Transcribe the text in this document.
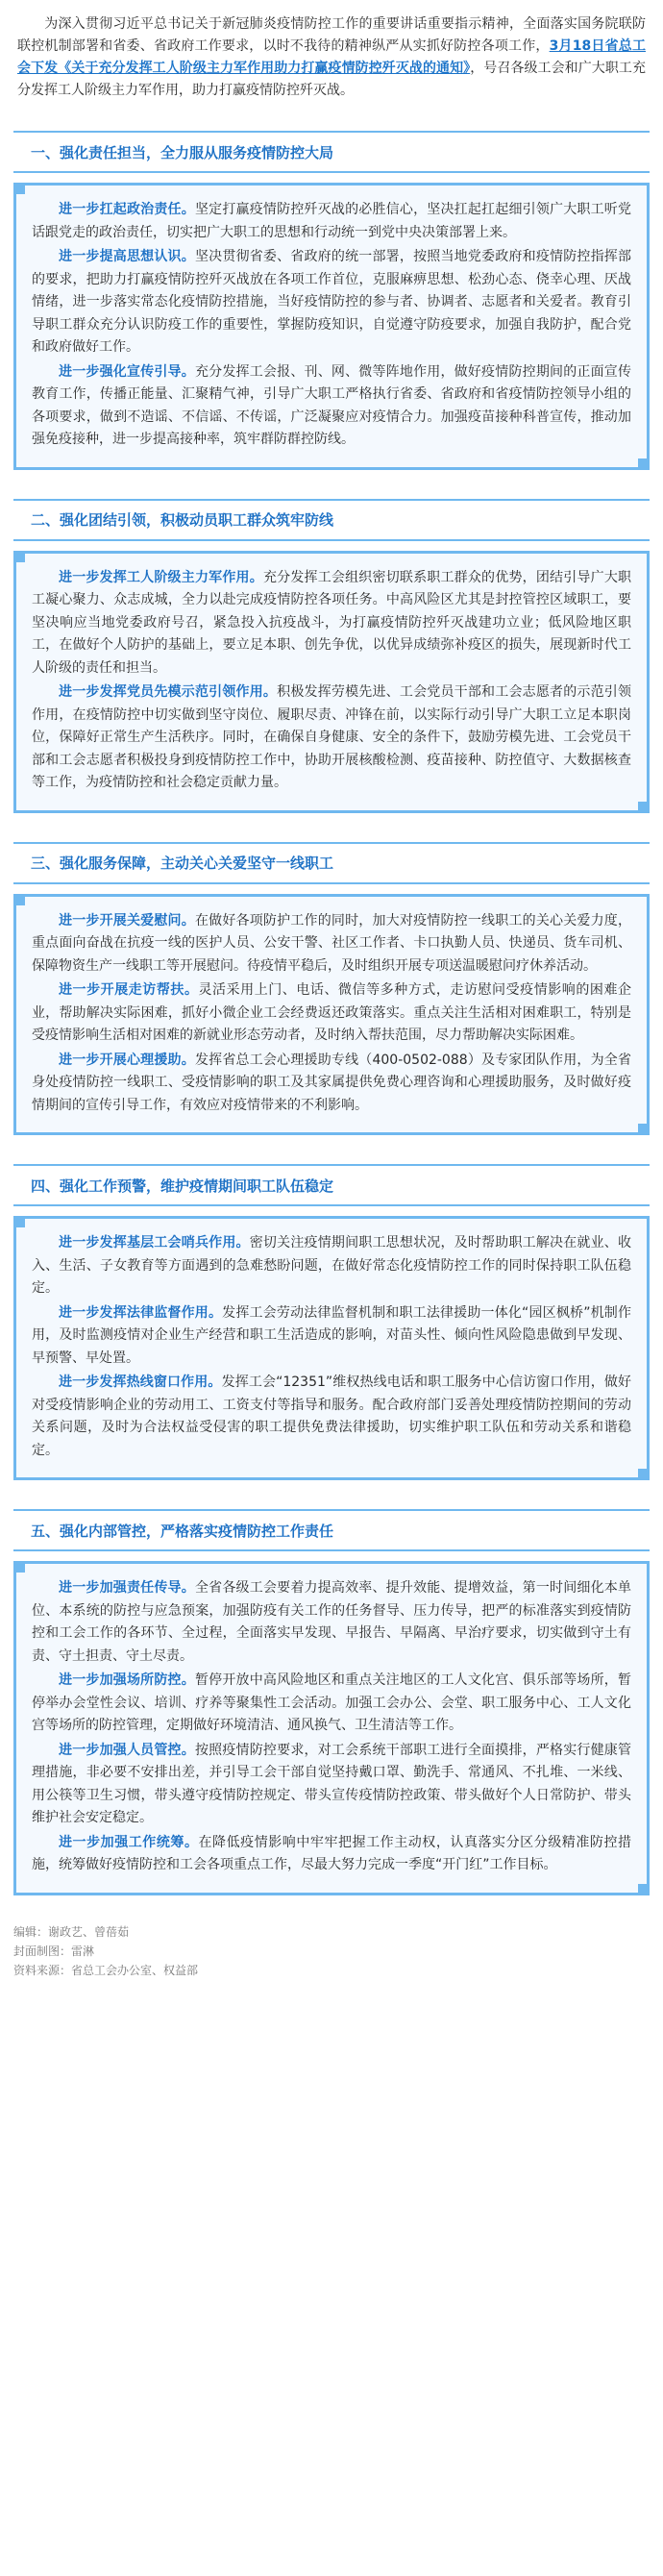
为深入贯彻习近平总书记关于新冠肺炎疫情防控工作的重要讲话重要指示精神，全面落实国务院联防联控机制部署和省委、省政府工作要求，以时不我待的精神纵严从实抓好防控各项工作，3月18日省总工会下发《关于充分发挥工人阶级主力军作用助力打赢疫情防控歼灭战的通知》，号召各级工会和广大职工充分发挥工人阶级主力军作用，助力打赢疫情防控歼灭战。

一、强化责任担当，全力服从服务疫情防控大局

进一步扛起政治责任。坚定打赢疫情防控歼灭战的必胜信心，坚决扛起扛起细引领广大职工听党话跟党走的政治责任，切实把广大职工的思想和行动统一到党中央决策部署上来。

进一步提高思想认识。坚决贯彻省委、省政府的统一部署，按照当地党委政府和疫情防控指挥部的要求，把助力打赢疫情防控歼灭战放在各项工作首位，克服麻痹思想、松劲心态、侥幸心理、厌战情绪，进一步落实常态化疫情防控措施，当好疫情防控的参与者、协调者、志愿者和关爱者。教育引导职工群众充分认识防疫工作的重要性，掌握防疫知识，自觉遵守防疫要求，加强自我防护，配合党和政府做好工作。

进一步强化宣传引导。充分发挥工会报、刊、网、微等阵地作用，做好疫情防控期间的正面宣传教育工作，传播正能量、汇聚精气神，引导广大职工严格执行省委、省政府和省疫情防控领导小组的各项要求，做到不造谣、不信谣、不传谣，广泛凝聚应对疫情合力。加强疫苗接种科普宣传，推动加强免疫接种，进一步提高接种率，筑牢群防群控防线。

二、强化团结引领，积极动员职工群众筑牢防线

进一步发挥工人阶级主力军作用。充分发挥工会组织密切联系职工群众的优势，团结引导广大职工凝心聚力、众志成城，全力以赴完成疫情防控各项任务。中高风险区尤其是封控管控区域职工，要坚决响应当地党委政府号召，紧急投入抗疫战斗，为打赢疫情防控歼灭战建功立业；低风险地区职工，在做好个人防护的基础上，要立足本职、创先争优，以优异成绩弥补疫区的损失，展现新时代工人阶级的责任和担当。

进一步发挥党员先模示范引领作用。积极发挥劳模先进、工会党员干部和工会志愿者的示范引领作用，在疫情防控中切实做到坚守岗位、履职尽责、冲锋在前，以实际行动引导广大职工立足本职岗位，保障好正常生产生活秩序。同时，在确保自身健康、安全的条件下，鼓励劳模先进、工会党员干部和工会志愿者积极投身到疫情防控工作中，协助开展核酸检测、疫苗接种、防控值守、大数据核查等工作，为疫情防控和社会稳定贡献力量。

三、强化服务保障，主动关心关爱坚守一线职工

进一步开展关爱慰问。在做好各项防护工作的同时，加大对疫情防控一线职工的关心关爱力度，重点面向奋战在抗疫一线的医护人员、公安干警、社区工作者、卡口执勤人员、快递员、货车司机、保障物资生产一线职工等开展慰问。待疫情平稳后，及时组织开展专项送温暖慰问疗休养活动。

进一步开展走访帮扶。灵活采用上门、电话、微信等多种方式，走访慰问受疫情影响的困难企业，帮助解决实际困难，抓好小微企业工会经费返还政策落实。重点关注生活相对困难职工，特别是受疫情影响生活相对困难的新就业形态劳动者，及时纳入帮扶范围，尽力帮助解决实际困难。

进一步开展心理援助。发挥省总工会心理援助专线（400-0502-088）及专家团队作用，为全省身处疫情防控一线职工、受疫情影响的职工及其家属提供免费心理咨询和心理援助服务，及时做好疫情期间的宣传引导工作，有效应对疫情带来的不利影响。

四、强化工作预警，维护疫情期间职工队伍稳定

进一步发挥基层工会哨兵作用。密切关注疫情期间职工思想状况，及时帮助职工解决在就业、收入、生活、子女教育等方面遇到的急难愁盼问题，在做好常态化疫情防控工作的同时保持职工队伍稳定。

进一步发挥法律监督作用。发挥工会劳动法律监督机制和职工法律援助一体化“园区枫桥”机制作用，及时监测疫情对企业生产经营和职工生活造成的影响，对苗头性、倾向性风险隐患做到早发现、早预警、早处置。

进一步发挥热线窗口作用。发挥工会“12351”维权热线电话和职工服务中心信访窗口作用，做好对受疫情影响企业的劳动用工、工资支付等指导和服务。配合政府部门妥善处理疫情防控期间的劳动关系问题，及时为合法权益受侵害的职工提供免费法律援助，切实维护职工队伍和劳动关系和谐稳定。

五、强化内部管控，严格落实疫情防控工作责任

进一步加强责任传导。全省各级工会要着力提高效率、提升效能、提增效益，第一时间细化本单位、本系统的防控与应急预案，加强防疫有关工作的任务督导、压力传导，把严的标准落实到疫情防控和工会工作的各环节、全过程，全面落实早发现、早报告、早隔离、早治疗要求，切实做到守土有责、守土担责、守土尽责。

进一步加强场所防控。暂停开放中高风险地区和重点关注地区的工人文化宫、俱乐部等场所，暂停举办会堂性会议、培训、疗养等聚集性工会活动。加强工会办公、会堂、职工服务中心、工人文化宫等场所的防控管理，定期做好环境清洁、通风换气、卫生清洁等工作。

进一步加强人员管控。按照疫情防控要求，对工会系统干部职工进行全面摸排，严格实行健康管理措施，非必要不安排出差，并引导工会干部自觉坚持戴口罩、勤洗手、常通风、不扎堆、一米线、用公筷等卫生习惯，带头遵守疫情防控规定、带头宣传疫情防控政策、带头做好个人日常防护、带头维护社会安定稳定。

进一步加强工作统筹。在降低疫情影响中牢牢把握工作主动权，认真落实分区分级精准防控措施，统筹做好疫情防控和工会各项重点工作，尽最大努力完成一季度“开门红”工作目标。

编辑：谢政艺、曾蓓茹
封面制图：雷淋
资料来源：省总工会办公室、权益部
